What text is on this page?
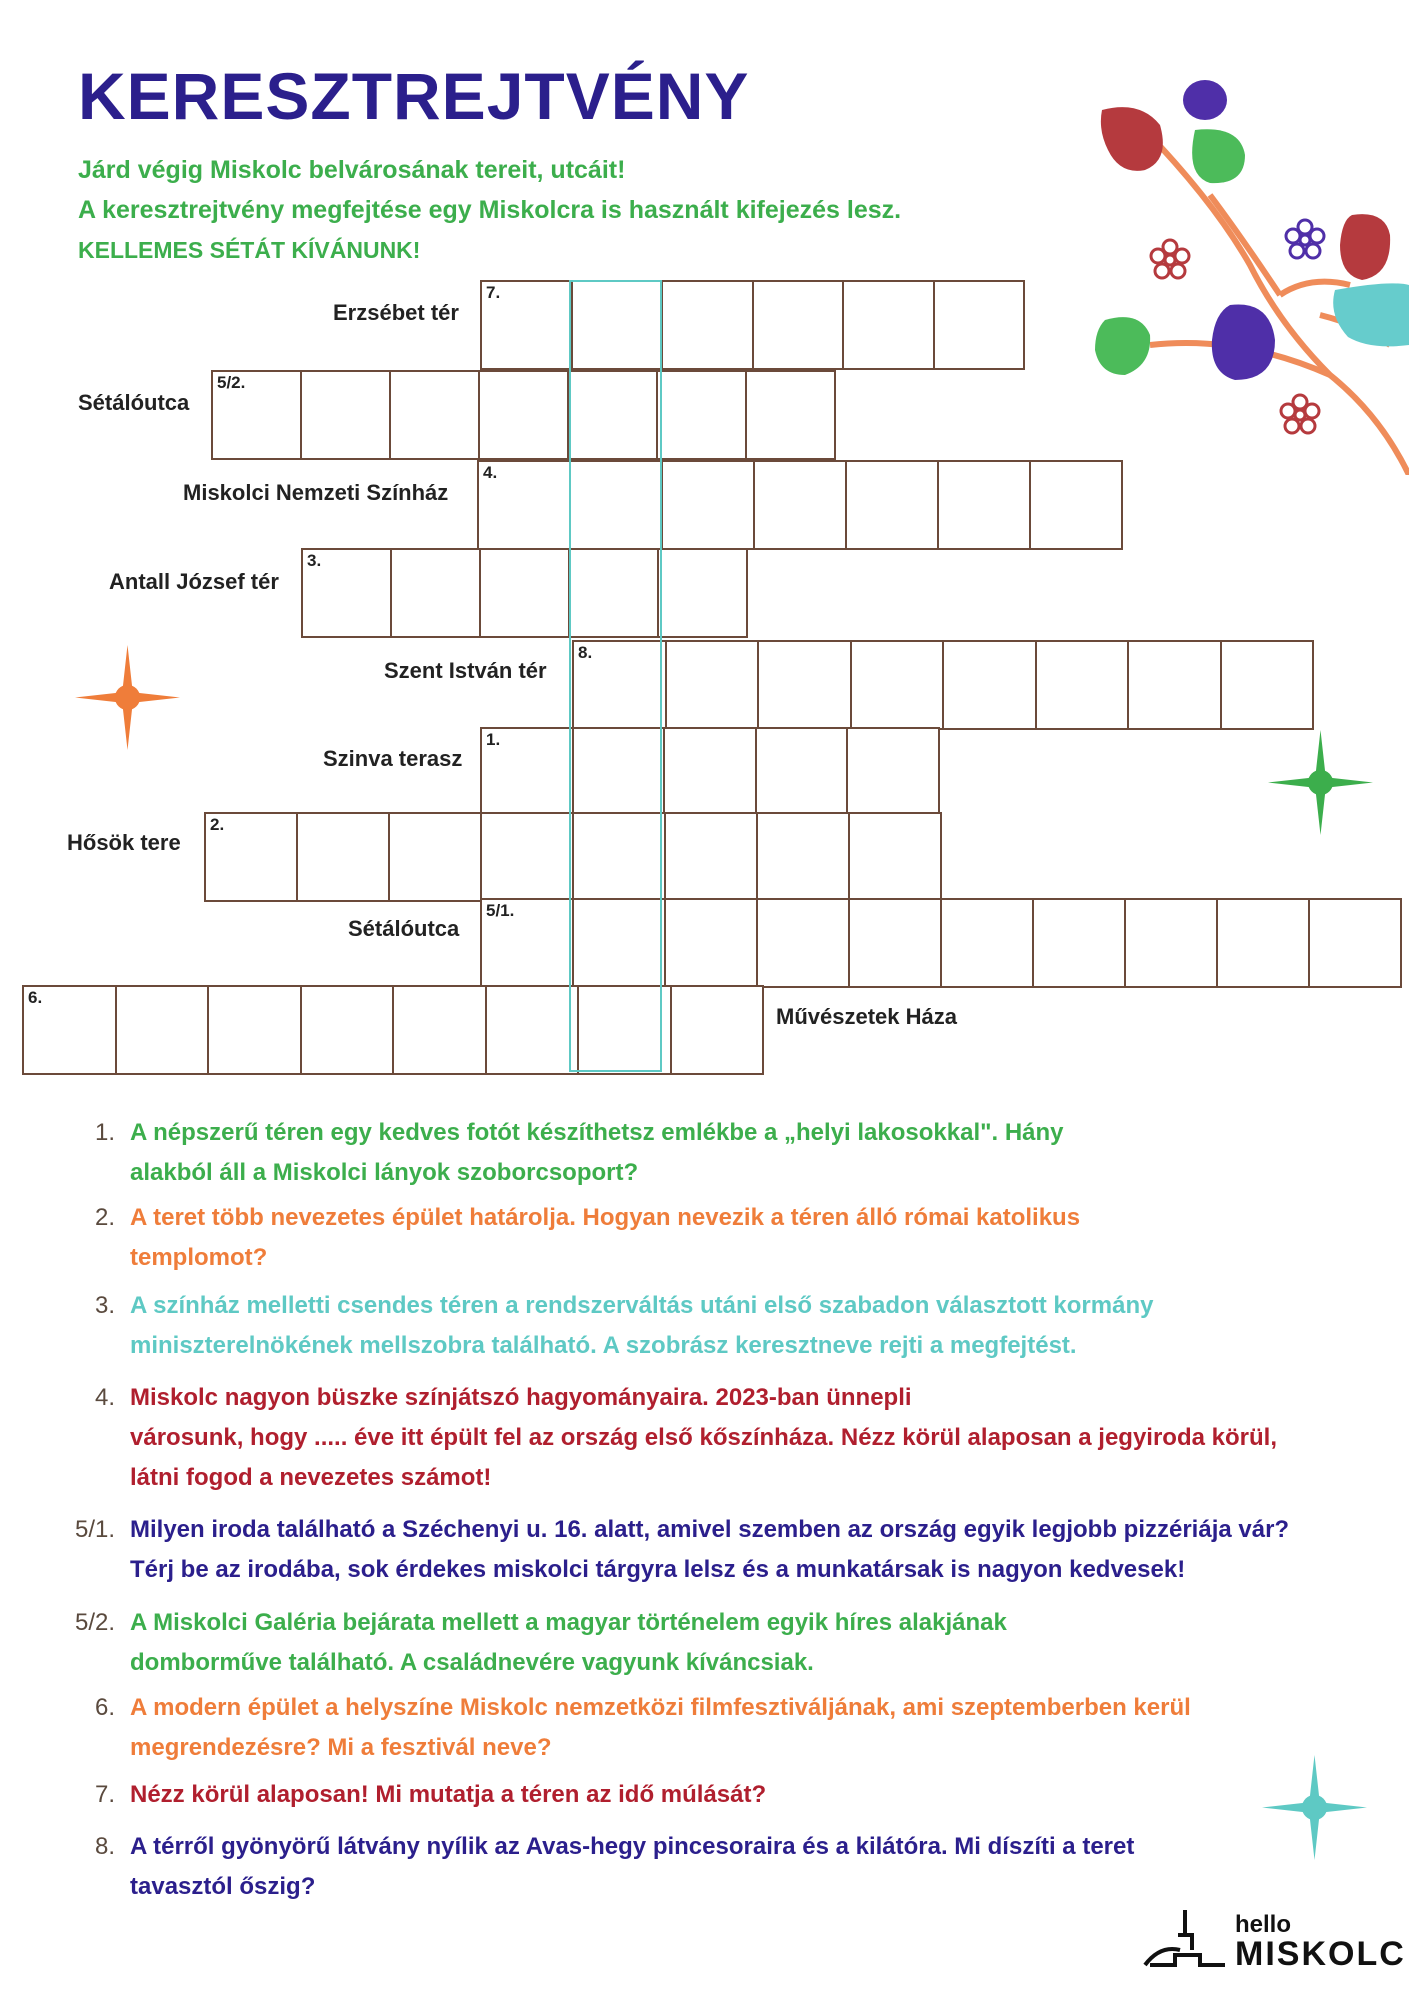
KERESZTREJTVÉNY
Járd végig Miskolc belvárosának tereit, utcáit!
A keresztrejtvény megfejtése egy Miskolcra is használt kifejezés lesz.
KELLEMES SÉTÁT KÍVÁNUNK!
7.
Erzsébet tér
5/2.
Sétálóutca
4.
Miskolci Nemzeti Színház
3.
Antall József tér
8.
Szent István tér
1.
Szinva terasz
2.
Hősök tere
5/1.
Sétálóutca
6.
Művészetek Háza
1. A népszerű téren egy kedves fotót készíthetsz emlékbe a „helyi lakosokkal". Hány
alakból áll a Miskolci lányok szoborcsoport?
2. A teret több nevezetes épület határolja. Hogyan nevezik a téren álló római katolikus
templomot?
3. A színház melletti csendes téren a rendszerváltás utáni első szabadon választott kormány
miniszterelnökének mellszobra található. A szobrász keresztneve rejti a megfejtést.
4. Miskolc nagyon büszke színjátszó hagyományaira. 2023-ban ünnepli
városunk, hogy ..... éve itt épült fel az ország első kőszínháza. Nézz körül alaposan a jegyiroda körül,
látni fogod a nevezetes számot!
5/1. Milyen iroda található a Széchenyi u. 16. alatt, amivel szemben az ország egyik legjobb pizzériája vár?
Térj be az irodába, sok érdekes miskolci tárgyra lelsz és a munkatársak is nagyon kedvesek!
5/2. A Miskolci Galéria bejárata mellett a magyar történelem egyik híres alakjának
domborműve található. A családnevére vagyunk kíváncsiak.
6. A modern épület a helyszíne Miskolc nemzetközi filmfesztiváljának, ami szeptemberben kerül
megrendezésre? Mi a fesztivál neve?
7. Nézz körül alaposan! Mi mutatja a téren az idő múlását?
8. A térről gyönyörű látvány nyílik az Avas-hegy pincesoraira és a kilátóra. Mi díszíti a teret
tavasztól őszig?
hello
MISKOLC
